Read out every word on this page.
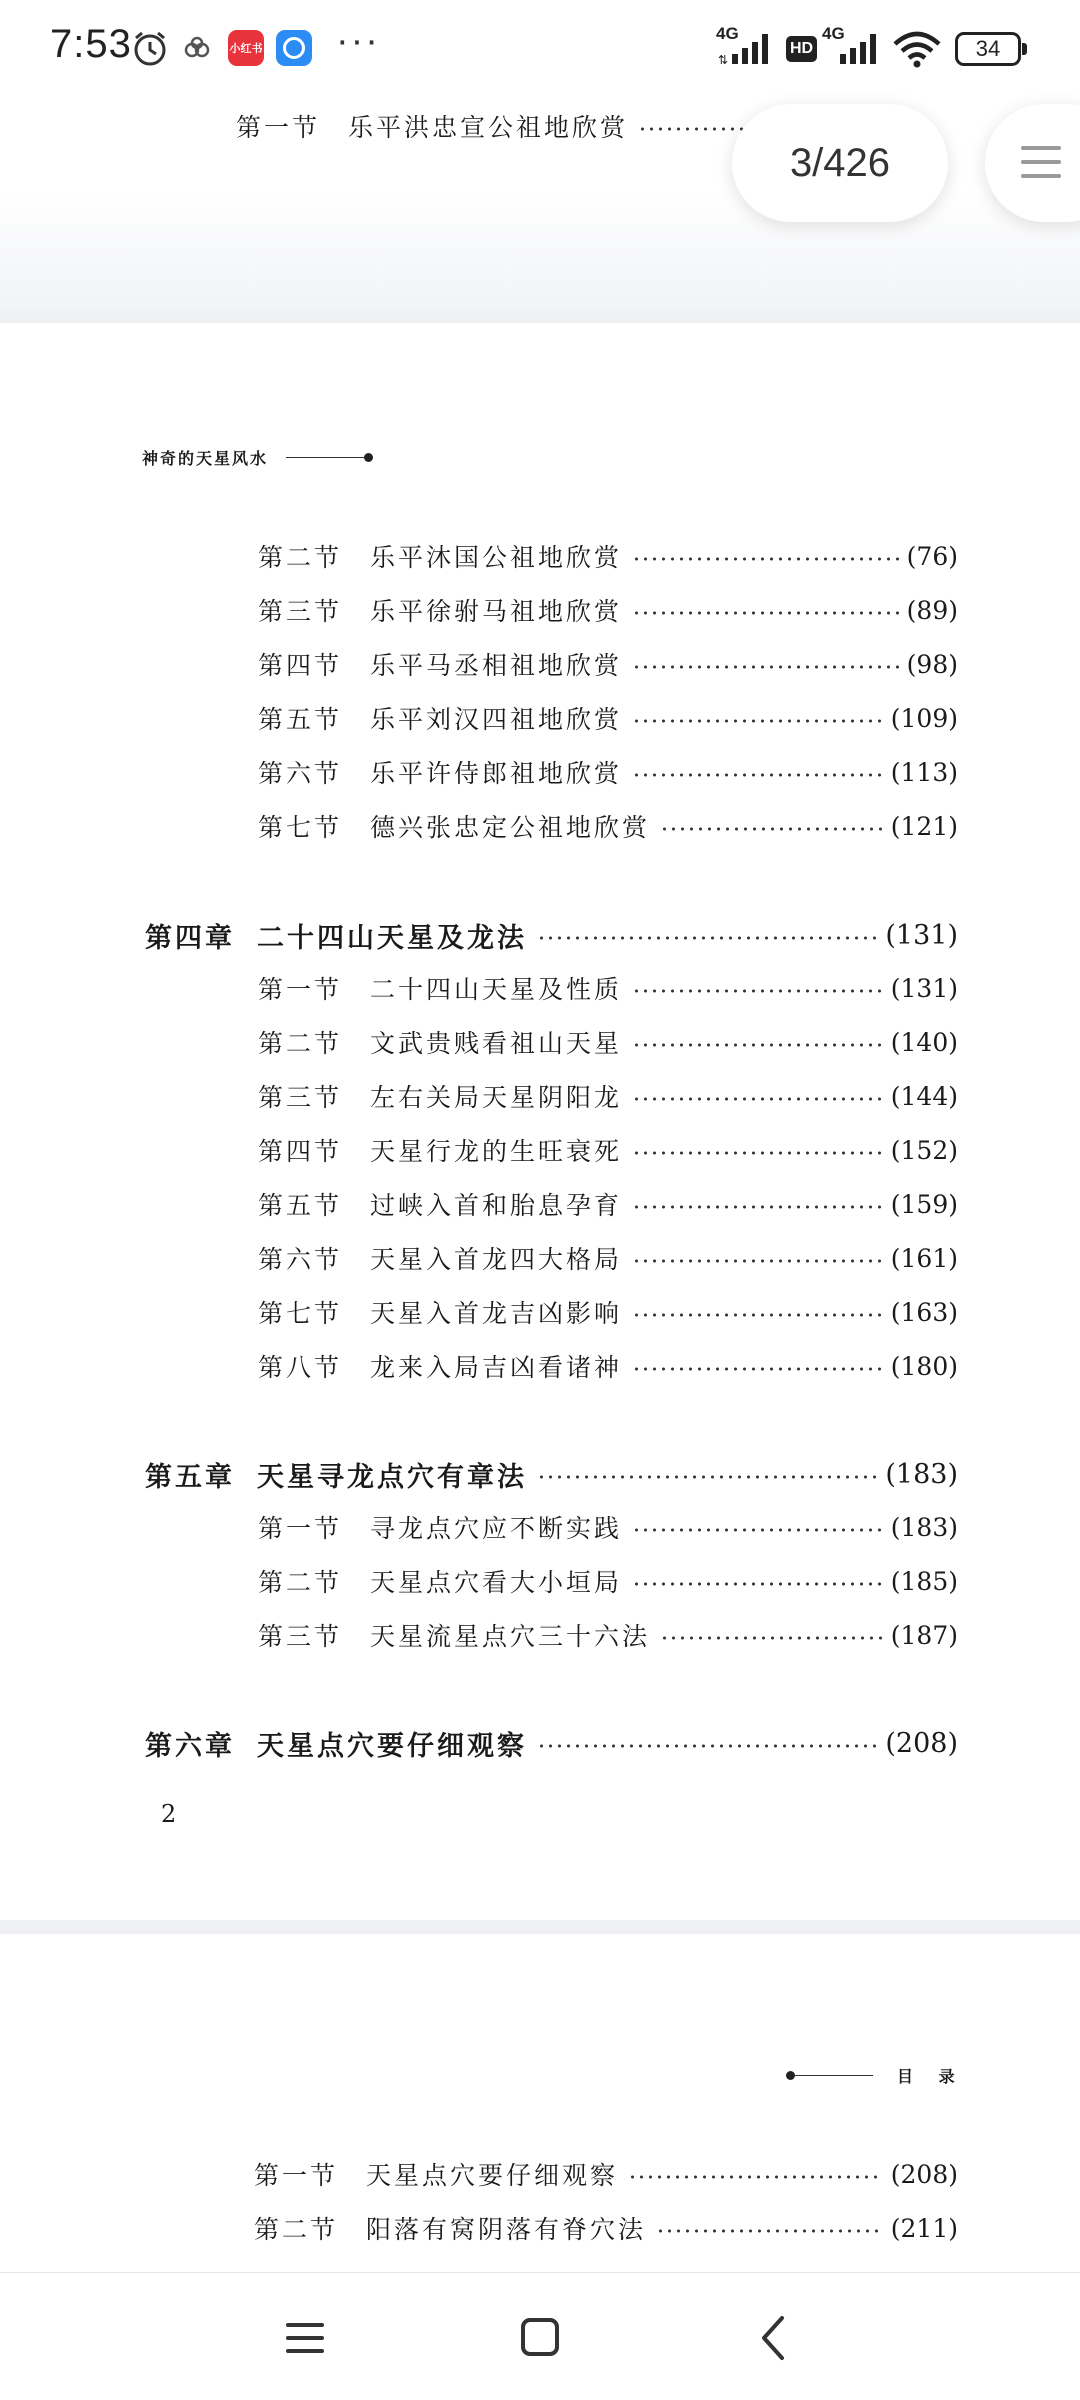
7:53	小红书 ···	4G
⇅
HD
4G
34
第一节	乐平洪忠宣公祖地欣赏
神奇的天星风水
第二节	乐平沐国公祖地欣赏	(76)
第三节	乐平徐驸马祖地欣赏	(89)
第四节	乐平马丞相祖地欣赏	(98)
第五节	乐平刘汉四祖地欣赏	(109)
第六节	乐平许侍郎祖地欣赏	(113)
第七节	德兴张忠定公祖地欣赏	(121)
第四章 二十四山天星及龙法	(131)
第一节	二十四山天星及性质	(131)
第二节	文武贵贱看祖山天星	(140)
第三节	左右关局天星阴阳龙	(144)
第四节	天星行龙的生旺衰死	(152)
第五节	过峡入首和胎息孕育	(159)
第六节	天星入首龙四大格局	(161)
第七节	天星入首龙吉凶影响	(163)
第八节	龙来入局吉凶看诸神	(180)
第五章 天星寻龙点穴有章法	(183)
第一节	寻龙点穴应不断实践	(183)
第二节	天星点穴看大小垣局	(185)
第三节	天星流星点穴三十六法	(187)
第六章 天星点穴要仔细观察	(208)
2
目 录
第一节	天星点穴要仔细观察	(208)
第二节	阳落有窝阴落有脊穴法	(211)
3/426
